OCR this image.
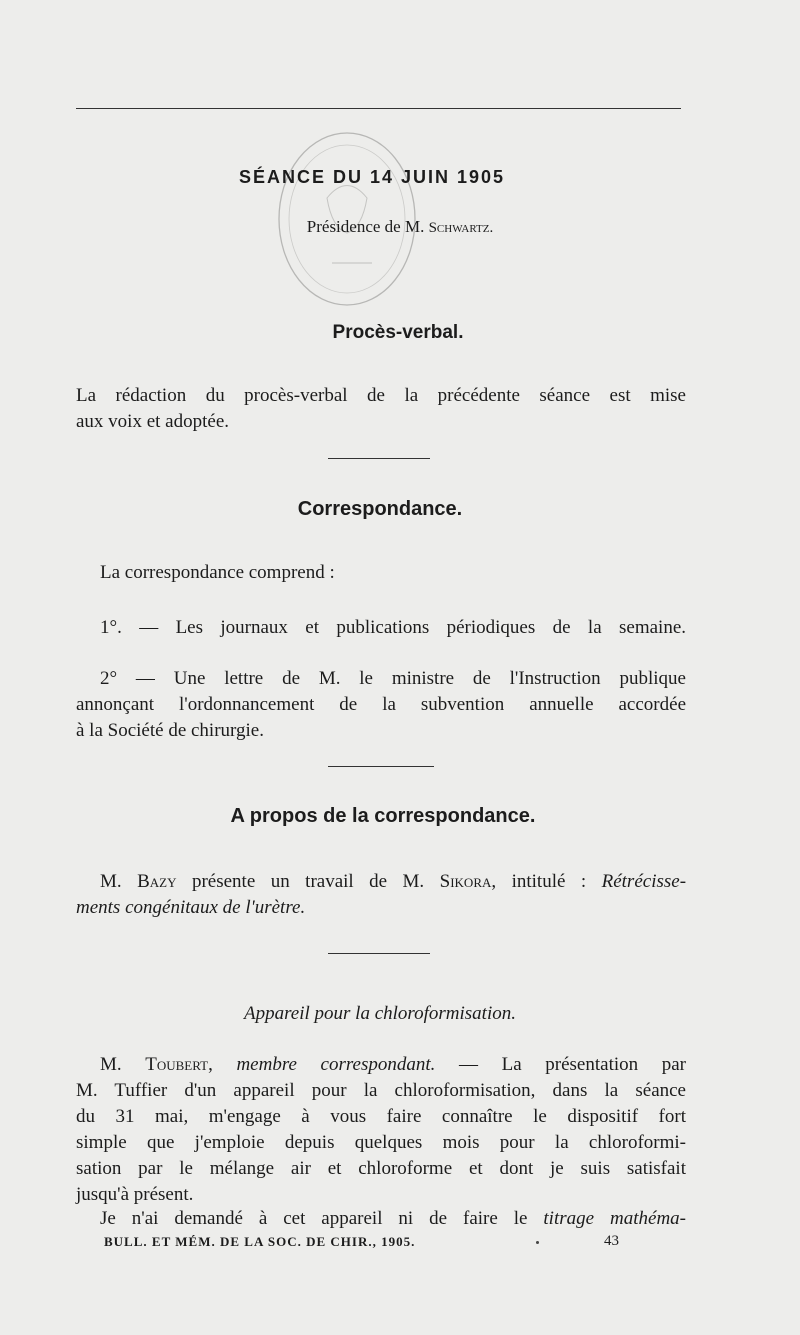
SÉANCE DU 14 JUIN 1905
Présidence de M. Schwartz.
Procès-verbal.
La rédaction du procès-verbal de la précédente séance est mise
aux voix et adoptée.
Correspondance.
La correspondance comprend :
1°. — Les journaux et publications périodiques de la semaine.
2° — Une lettre de M. le ministre de l'Instruction publique
annonçant l'ordonnancement de la subvention annuelle accordée
à la Société de chirurgie.
A propos de la correspondance.
M. Bazy présente un travail de M. Sikora, intitulé : Rétrécisse-
ments congénitaux de l'urètre.
Appareil pour la chloroformisation.
M. Toubert, membre correspondant. — La présentation par
M. Tuffier d'un appareil pour la chloroformisation, dans la séance
du 31 mai, m'engage à vous faire connaître le dispositif fort
simple que j'emploie depuis quelques mois pour la chloroformi-
sation par le mélange air et chloroforme et dont je suis satisfait
jusqu'à présent.
Je n'ai demandé à cet appareil ni de faire le titrage mathéma-
BULL. ET MÉM. DE LA SOC. DE CHIR., 1905.	43
